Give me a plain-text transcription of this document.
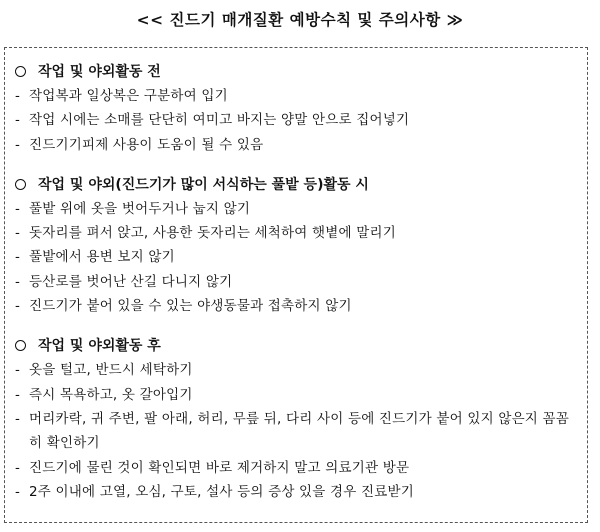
<< 진드기 매개질환 예방수칙 및 주의사항 ≫
작업 및 야외활동 전
- 작업복과 일상복은 구분하여 입기
- 작업 시에는 소매를 단단히 여미고 바지는 양말 안으로 집어넣기
- 진드기기피제 사용이 도움이 될 수 있음
작업 및 야외(진드기가 많이 서식하는 풀밭 등)활동 시
- 풀밭 위에 옷을 벗어두거나 눕지 않기
- 돗자리를 펴서 앉고, 사용한 돗자리는 세척하여 햇볕에 말리기
- 풀밭에서 용변 보지 않기
- 등산로를 벗어난 산길 다니지 않기
- 진드기가 붙어 있을 수 있는 야생동물과 접촉하지 않기
작업 및 야외활동 후
- 옷을 털고, 반드시 세탁하기
- 즉시 목욕하고, 옷 갈아입기
- 머리카락, 귀 주변, 팔 아래, 허리, 무릎 뒤, 다리 사이 등에 진드기가 붙어 있지 않은지 꼼꼼히 확인하기
- 진드기에 물린 것이 확인되면 바로 제거하지 말고 의료기관 방문
- 2주 이내에 고열, 오심, 구토, 설사 등의 증상 있을 경우 진료받기
